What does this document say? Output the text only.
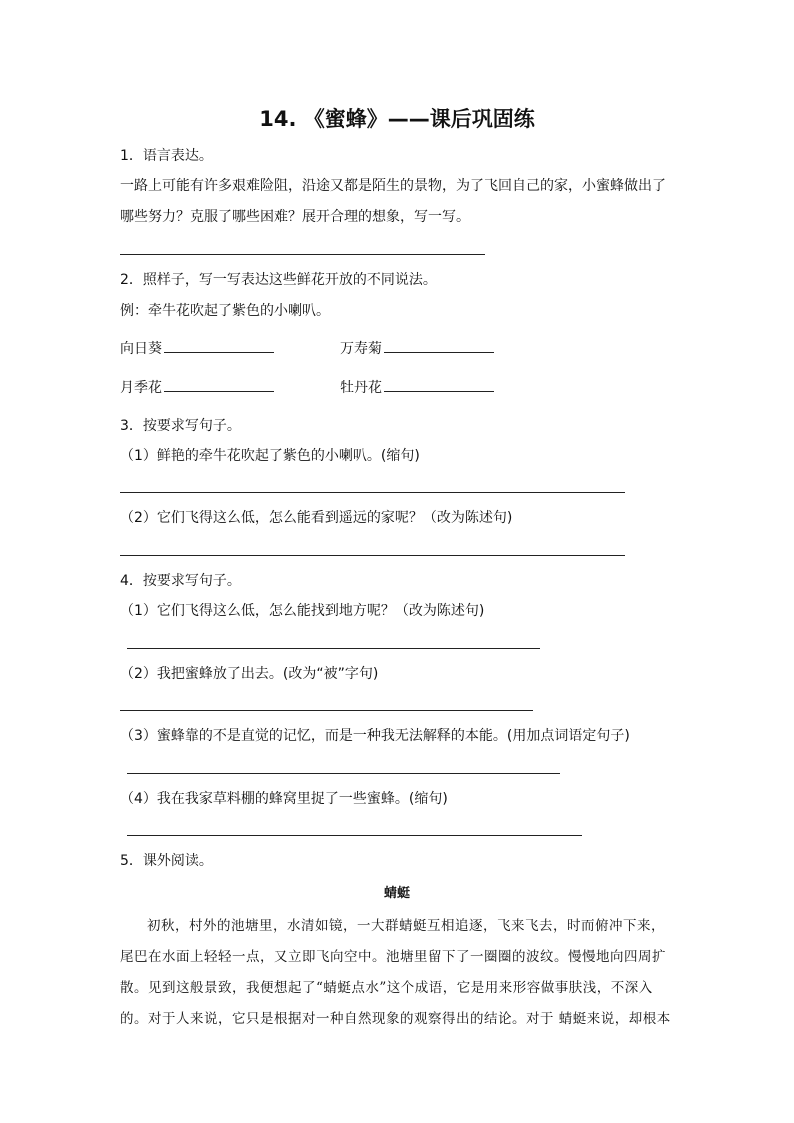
14. 《蜜蜂》——课后巩固练
1．语言表达。
一路上可能有许多艰难险阻，沿途又都是陌生的景物，为了飞回自己的家，小蜜蜂做出了
哪些努力？克服了哪些困难？展开合理的想象，写一写。
2．照样子，写一写表达这些鲜花开放的不同说法。
例：牵牛花吹起了紫色的小喇叭。
向日葵	万寿菊
月季花	牡丹花
3．按要求写句子。
（1）鲜艳的牵牛花吹起了紫色的小喇叭。(缩句)
（2）它们飞得这么低，怎么能看到遥远的家呢？（改为陈述句)
4．按要求写句子。
（1）它们飞得这么低，怎么能找到地方呢？（改为陈述句)
（2）我把蜜蜂放了出去。(改为“被”字句)
（3）蜜蜂靠的不是直觉的记忆，而是一种我无法解释的本能。(用加点词语定句子)
（4）我在我家草料棚的蜂窝里捉了一些蜜蜂。(缩句)
5．课外阅读。
蜻蜓
初秋，村外的池塘里，水清如镜，一大群蜻蜓互相追逐，飞来飞去，时而俯冲下来，
尾巴在水面上轻轻一点，又立即飞向空中。池塘里留下了一圈圈的波纹。慢慢地向四周扩
散。见到这般景致，我便想起了“蜻蜓点水”这个成语，它是用来形容做事肤浅，不深入
的。对于人来说，它只是根据对一种自然现象的观察得出的结论。对于 蜻蜓来说，却根本
